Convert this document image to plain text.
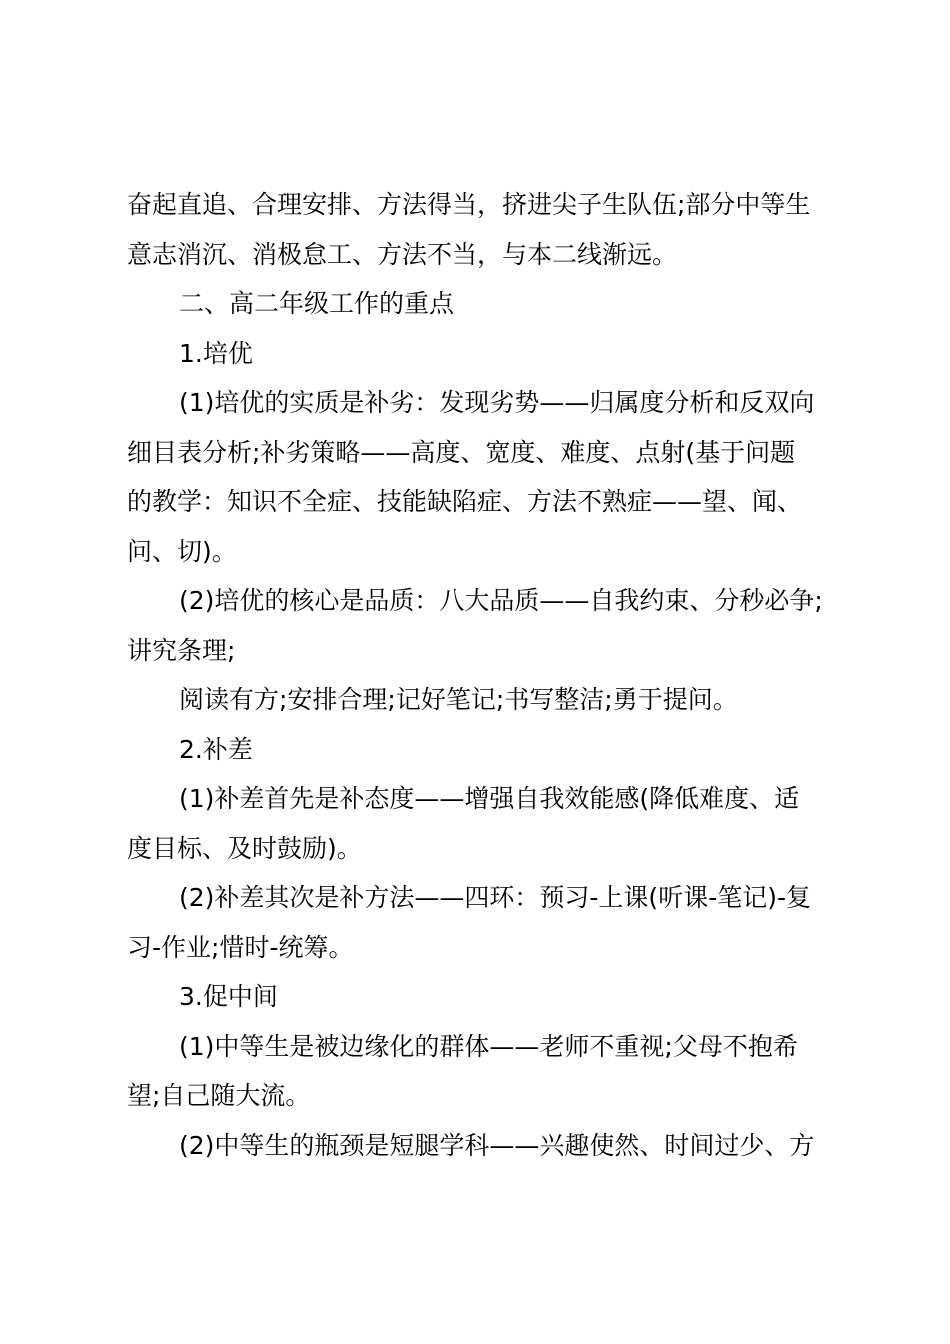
奋起直追、合理安排、方法得当，挤进尖子生队伍;部分中等生

意志消沉、消极怠工、方法不当，与本二线渐远。

二、高二年级工作的重点

1.培优

(1)培优的实质是补劣：发现劣势——归属度分析和反双向

细目表分析;补劣策略——高度、宽度、难度、点射(基于问题

的教学：知识不全症、技能缺陷症、方法不熟症——望、闻、

问、切)。

(2)培优的核心是品质：八大品质——自我约束、分秒必争;

讲究条理;

阅读有方;安排合理;记好笔记;书写整洁;勇于提问。

2.补差

(1)补差首先是补态度——增强自我效能感(降低难度、适

度目标、及时鼓励)。

(2)补差其次是补方法——四环：预习-上课(听课-笔记)-复

习-作业;惜时-统筹。

3.促中间

(1)中等生是被边缘化的群体——老师不重视;父母不抱希

望;自己随大流。

(2)中等生的瓶颈是短腿学科——兴趣使然、时间过少、方
